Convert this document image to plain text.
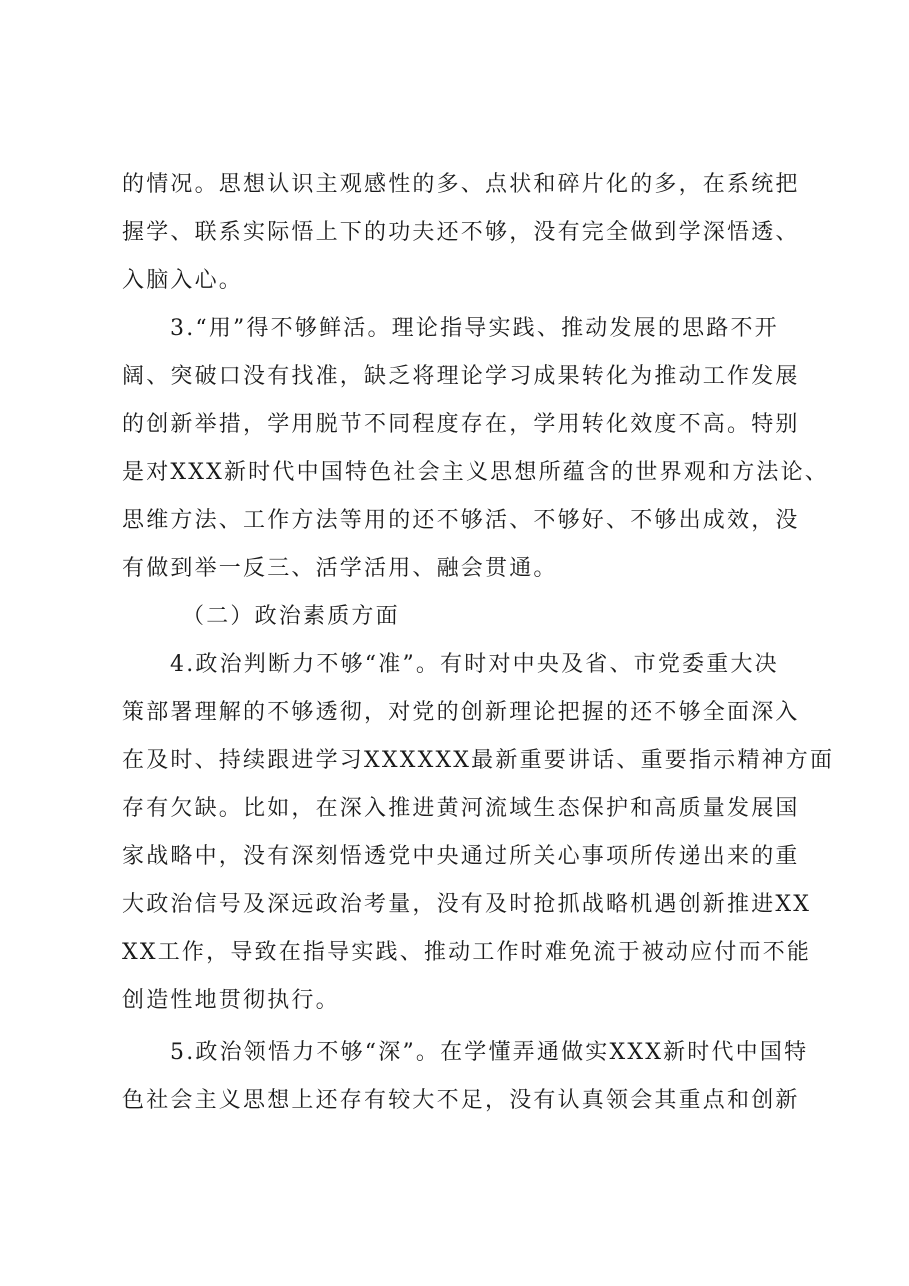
的情况。思想认识主观感性的多、点状和碎片化的多，在系统把
握学、联系实际悟上下的功夫还不够，没有完全做到学深悟透、
入脑入心。
3.“用”得不够鲜活。理论指导实践、推动发展的思路不开
阔、突破口没有找准，缺乏将理论学习成果转化为推动工作发展
的创新举措，学用脱节不同程度存在，学用转化效度不高。特别
是对XXX新时代中国特色社会主义思想所蕴含的世界观和方法论、
思维方法、工作方法等用的还不够活、不够好、不够出成效，没
有做到举一反三、活学活用、融会贯通。
（二）政治素质方面
4.政治判断力不够“准”。有时对中央及省、市党委重大决
策部署理解的不够透彻，对党的创新理论把握的还不够全面深入
在及时、持续跟进学习XXXXXX最新重要讲话、重要指示精神方面
存有欠缺。比如，在深入推进黄河流域生态保护和高质量发展国
家战略中，没有深刻悟透党中央通过所关心事项所传递出来的重
大政治信号及深远政治考量，没有及时抢抓战略机遇创新推进XX
XX工作，导致在指导实践、推动工作时难免流于被动应付而不能
创造性地贯彻执行。
5.政治领悟力不够“深”。在学懂弄通做实XXX新时代中国特
色社会主义思想上还存有较大不足，没有认真领会其重点和创新
